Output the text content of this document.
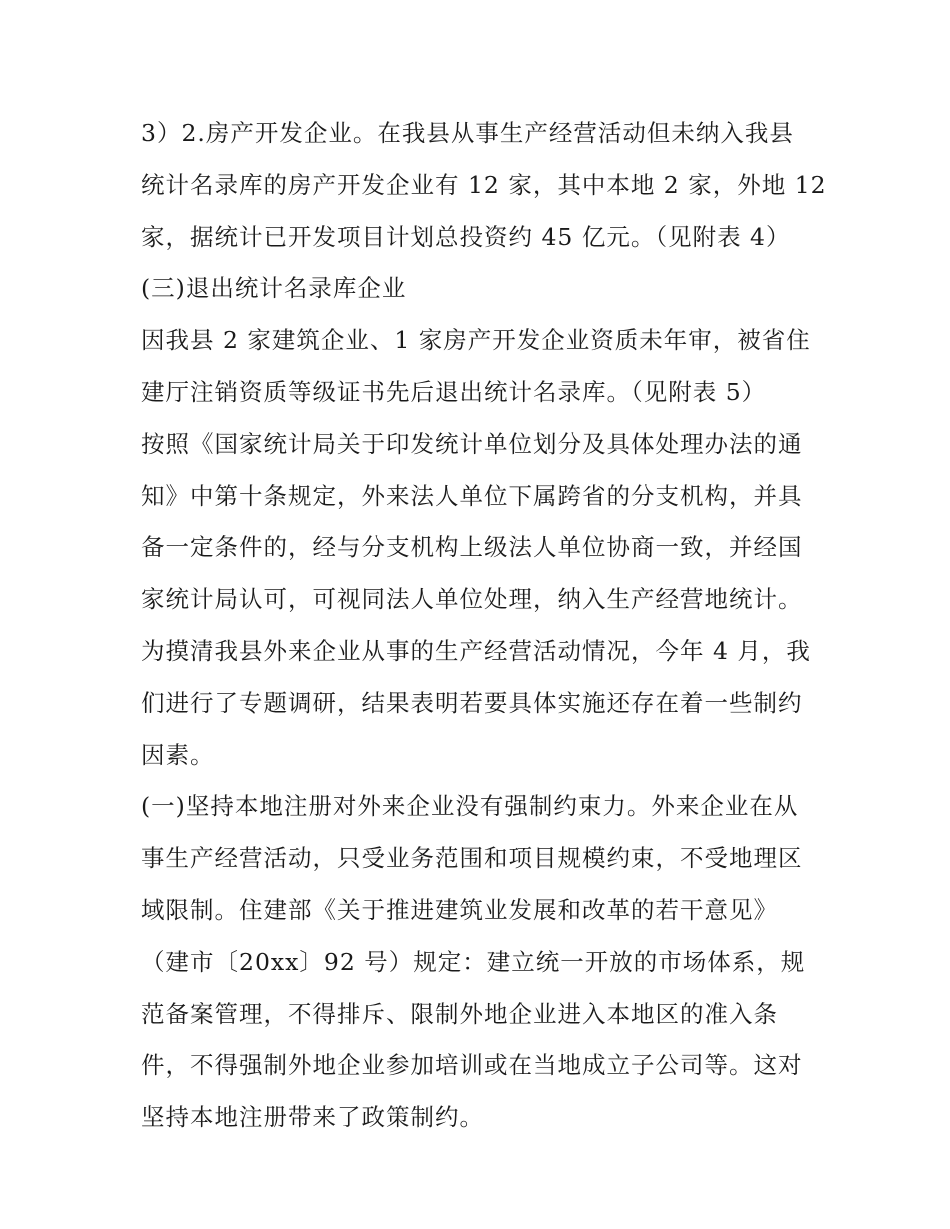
3）2.房产开发企业。在我县从事生产经营活动但未纳入我县
统计名录库的房产开发企业有 12 家，其中本地 2 家，外地 12
家，据统计已开发项目计划总投资约 45 亿元。（见附表 4）
(三)退出统计名录库企业
因我县 2 家建筑企业、1 家房产开发企业资质未年审，被省住
建厅注销资质等级证书先后退出统计名录库。（见附表 5）
按照《国家统计局关于印发统计单位划分及具体处理办法的通
知》中第十条规定，外来法人单位下属跨省的分支机构，并具
备一定条件的，经与分支机构上级法人单位协商一致，并经国
家统计局认可，可视同法人单位处理，纳入生产经营地统计。
为摸清我县外来企业从事的生产经营活动情况，今年 4 月，我
们进行了专题调研，结果表明若要具体实施还存在着一些制约
因素。
(一)坚持本地注册对外来企业没有强制约束力。外来企业在从
事生产经营活动，只受业务范围和项目规模约束，不受地理区
域限制。住建部《关于推进建筑业发展和改革的若干意见》
（建市〔20xx〕92 号）规定：建立统一开放的市场体系，规
范备案管理，不得排斥、限制外地企业进入本地区的准入条
件，不得强制外地企业参加培训或在当地成立子公司等。这对
坚持本地注册带来了政策制约。
